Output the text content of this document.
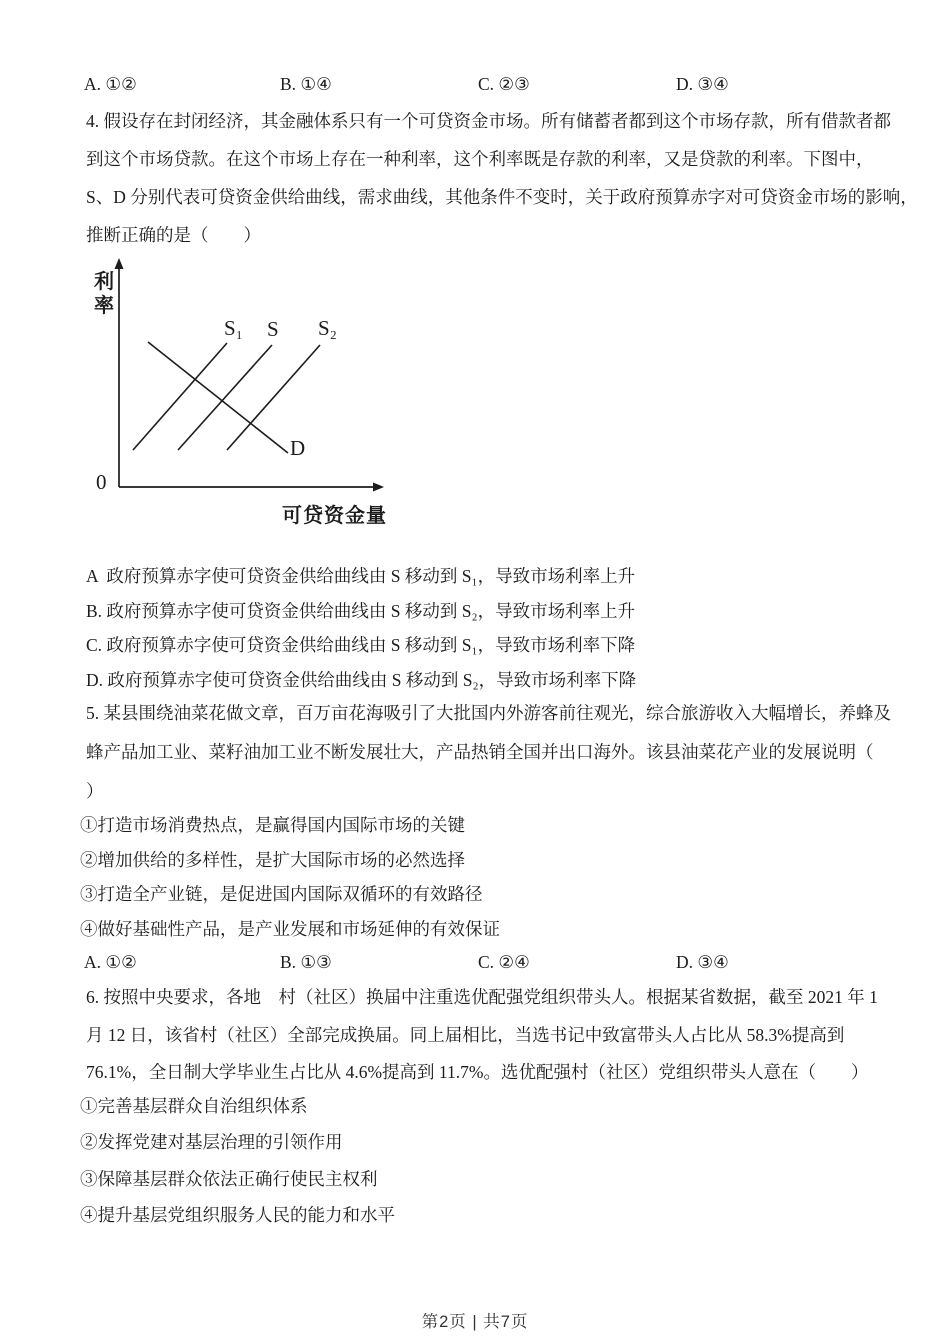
A. ①②

	B. ①④

	C. ②③

	D. ③④

4. 假设存在封闭经济，其金融体系只有一个可贷资金市场。所有储蓄者都到这个市场存款，所有借款者都
到这个市场贷款。在这个市场上存在一种利率，这个利率既是存款的利率，又是贷款的利率。下图中，
S、D 分别代表可贷资金供给曲线，需求曲线，其他条件不变时，关于政府预算赤字对可贷资金市场的影响，
推断正确的是（　　）
利率
0
可贷资金量
S₁ S S₂
D
A  政府预算赤字使可贷资金供给曲线由 S 移动到 S₁，导致市场利率上升
B. 政府预算赤字使可贷资金供给曲线由 S 移动到 S₂，导致市场利率上升
C. 政府预算赤字使可贷资金供给曲线由 S 移动到 S₁，导致市场利率下降
D. 政府预算赤字使可贷资金供给曲线由 S 移动到 S₂，导致市场利率下降
5. 某县围绕油菜花做文章，百万亩花海吸引了大批国内外游客前往观光，综合旅游收入大幅增长，养蜂及
蜂产品加工业、菜籽油加工业不断发展壮大，产品热销全国并出口海外。该县油菜花产业的发展说明（
）
①打造市场消费热点，是赢得国内国际市场的关键
②增加供给的多样性，是扩大国际市场的必然选择
③打造全产业链，是促进国内国际双循环的有效路径
④做好基础性产品，是产业发展和市场延伸的有效保证

A. ①②

	B. ①③

	C. ②④

	D. ③④

6. 按照中央要求，各地　村（社区）换届中注重选优配强党组织带头人。根据某省数据，截至 2021 年 1
月 12 日，该省村（社区）全部完成换届。同上届相比，当选书记中致富带头人占比从 58.3%提高到
76.1%，全日制大学毕业生占比从 4.6%提高到 11.7%。选优配强村（社区）党组织带头人意在（　　）
①完善基层群众自治组织体系
②发挥党建对基层治理的引领作用
③保障基层群众依法正确行使民主权利
④提升基层党组织服务人民的能力和水平
第2页 | 共7页
